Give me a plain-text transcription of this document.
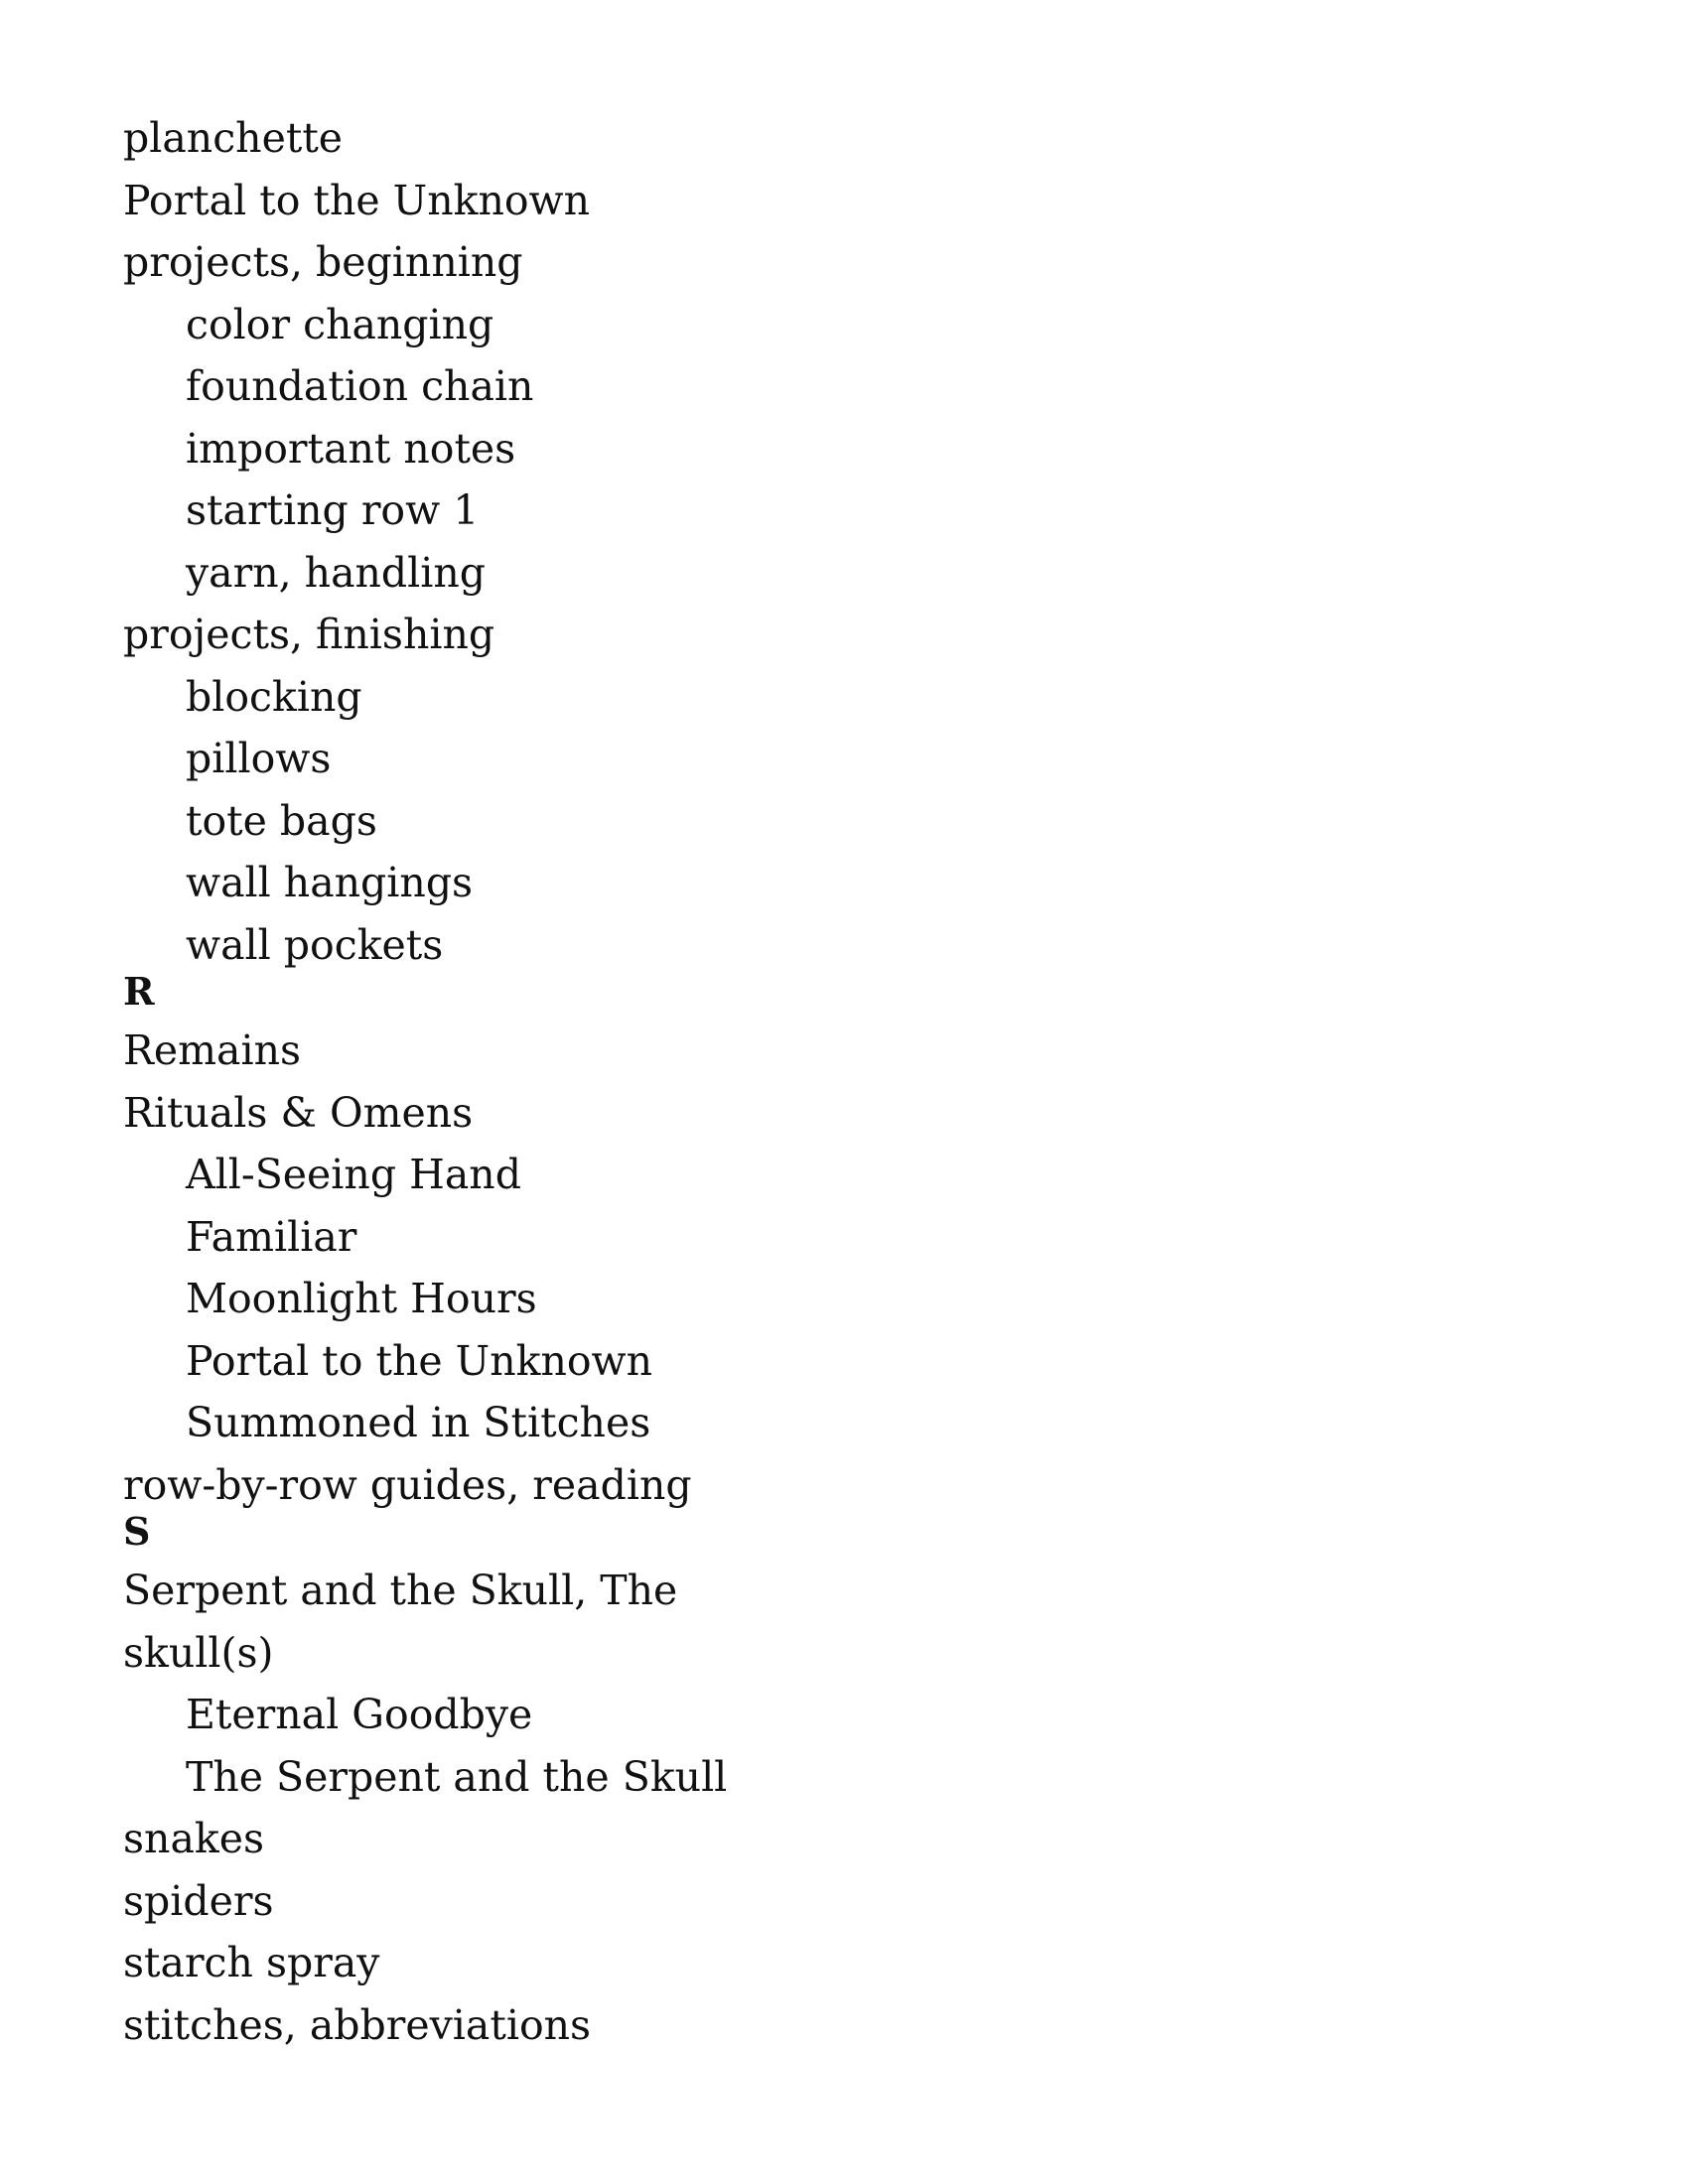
planchette
Portal to the Unknown
projects, beginning
color changing
foundation chain
important notes
starting row 1
yarn, handling
projects, finishing
blocking
pillows
tote bags
wall hangings
wall pockets
R
Remains
Rituals & Omens
All-Seeing Hand
Familiar
Moonlight Hours
Portal to the Unknown
Summoned in Stitches
row-by-row guides, reading
S
Serpent and the Skull, The
skull(s)
Eternal Goodbye
The Serpent and the Skull
snakes
spiders
starch spray
stitches, abbreviations
